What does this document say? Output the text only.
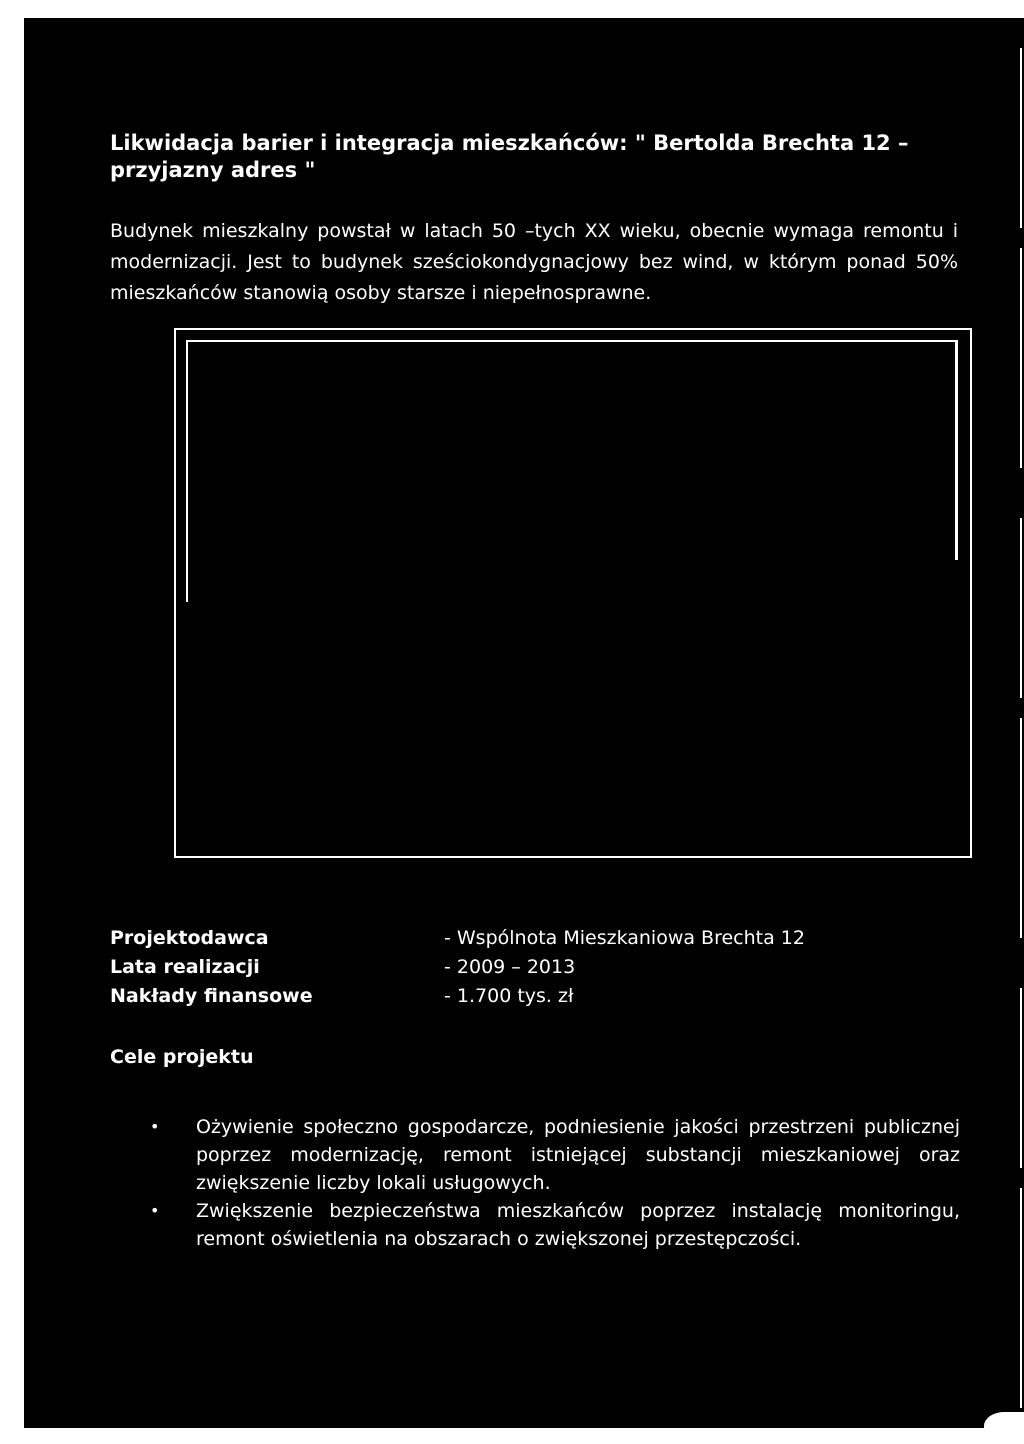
Likwidacja barier i integracja mieszkańców: " Bertolda Brechta 12 – przyjazny adres "

Budynek mieszkalny powstał w latach 50 –tych XX wieku, obecnie wymaga remontu i modernizacji. Jest to budynek sześciokondygnacjowy bez wind, w którym ponad 50% mieszkańców stanowią osoby starsze i niepełnosprawne.

Projektodawca	- Wspólnota Mieszkaniowa Brechta 12
Lata realizacji	- 2009 – 2013
Nakłady finansowe	- 1.700 tys. zł
Cele projektu
• Ożywienie społeczno gospodarcze, podniesienie jakości przestrzeni publicznej poprzez modernizację, remont istniejącej substancji mieszkaniowej oraz zwiększenie liczby lokali usługowych.
• Zwiększenie bezpieczeństwa mieszkańców poprzez instalację monitoringu, remont oświetlenia na obszarach o zwiększonej przestępczości.
